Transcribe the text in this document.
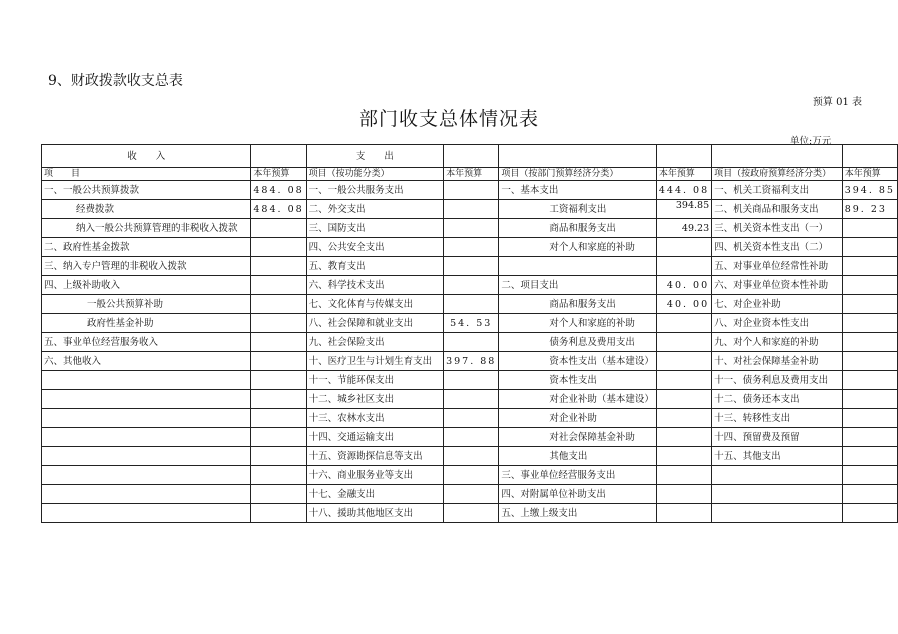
9、财政拨款收支总表
预算 01 表
部门收支总体情况表
单位:万元
收　　入		支　　出					
项　　目	本年预算	项目（按功能分类）	本年预算	项目（按部门预算经济分类）	本年预算	项目（按政府预算经济分类）	本年预算
一、一般公共预算拨款	484. 08	一、一般公共服务支出		一、基本支出	444. 08	一、机关工资福利支出	394. 85
经费拨款	484. 08	二、外交支出		工资福利支出	394.85	二、机关商品和服务支出	89. 23
纳入一般公共预算管理的非税收入拨款		三、国防支出		商品和服务支出	49.23	三、机关资本性支出（一）	
二、政府性基金拨款		四、公共安全支出		对个人和家庭的补助		四、机关资本性支出（二）	
三、纳入专户管理的非税收入拨款		五、教育支出				五、对事业单位经常性补助	
四、上级补助收入		六、科学技术支出		二、项目支出	40. 00	六、对事业单位资本性补助	
一般公共预算补助		七、文化体育与传媒支出		商品和服务支出	40. 00	七、对企业补助	
政府性基金补助		八、社会保障和就业支出	54. 53	对个人和家庭的补助		八、对企业资本性支出	
五、事业单位经营服务收入		九、社会保险支出		债务利息及费用支出		九、对个人和家庭的补助	
六、其他收入		十、医疗卫生与计划生育支出	397. 88	资本性支出（基本建设）		十、对社会保障基金补助	
		十一、节能环保支出		资本性支出		十一、债务利息及费用支出	
		十二、城乡社区支出		对企业补助（基本建设）		十二、债务还本支出	
		十三、农林水支出		对企业补助		十三、转移性支出	
		十四、交通运输支出		对社会保障基金补助		十四、预留费及预留	
		十五、资源勘探信息等支出		其他支出		十五、其他支出	
		十六、商业服务业等支出		三、事业单位经营服务支出			
		十七、金融支出		四、对附属单位补助支出			
		十八、援助其他地区支出		五、上缴上级支出			
